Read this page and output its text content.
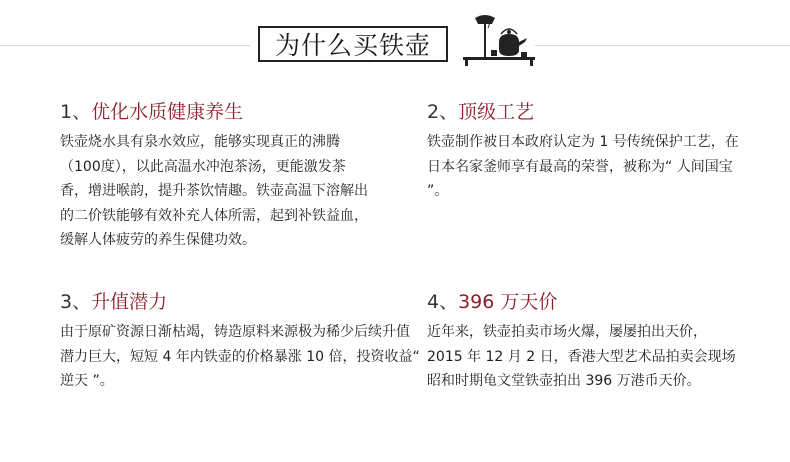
为什么买铁壶
1、优化水质健康养生

铁壶烧水具有泉水效应，能够实现真正的沸腾（100度），以此高温水冲泡茶汤，更能激发茶香，增进喉韵，提升茶饮情趣。铁壶高温下溶解出的二价铁能够有效补充人体所需，起到补铁益血，缓解人体疲劳的养生保健功效。

2、顶级工艺

铁壶制作被日本政府认定为 1 号传统保护工艺，在日本名家釜师享有最高的荣誉，被称为“ 人间国宝 ”。

3、升值潜力

由于原矿资源日渐枯竭，铸造原料来源极为稀少后续升值潜力巨大，短短 4 年内铁壶的价格暴涨 10 倍，投资收益“ 逆天 ”。

4、396 万天价

近年来，铁壶拍卖市场火爆，屡屡拍出天价，2015 年 12 月 2 日，香港大型艺术品拍卖会现场昭和时期龟文堂铁壶拍出 396 万港币天价。
